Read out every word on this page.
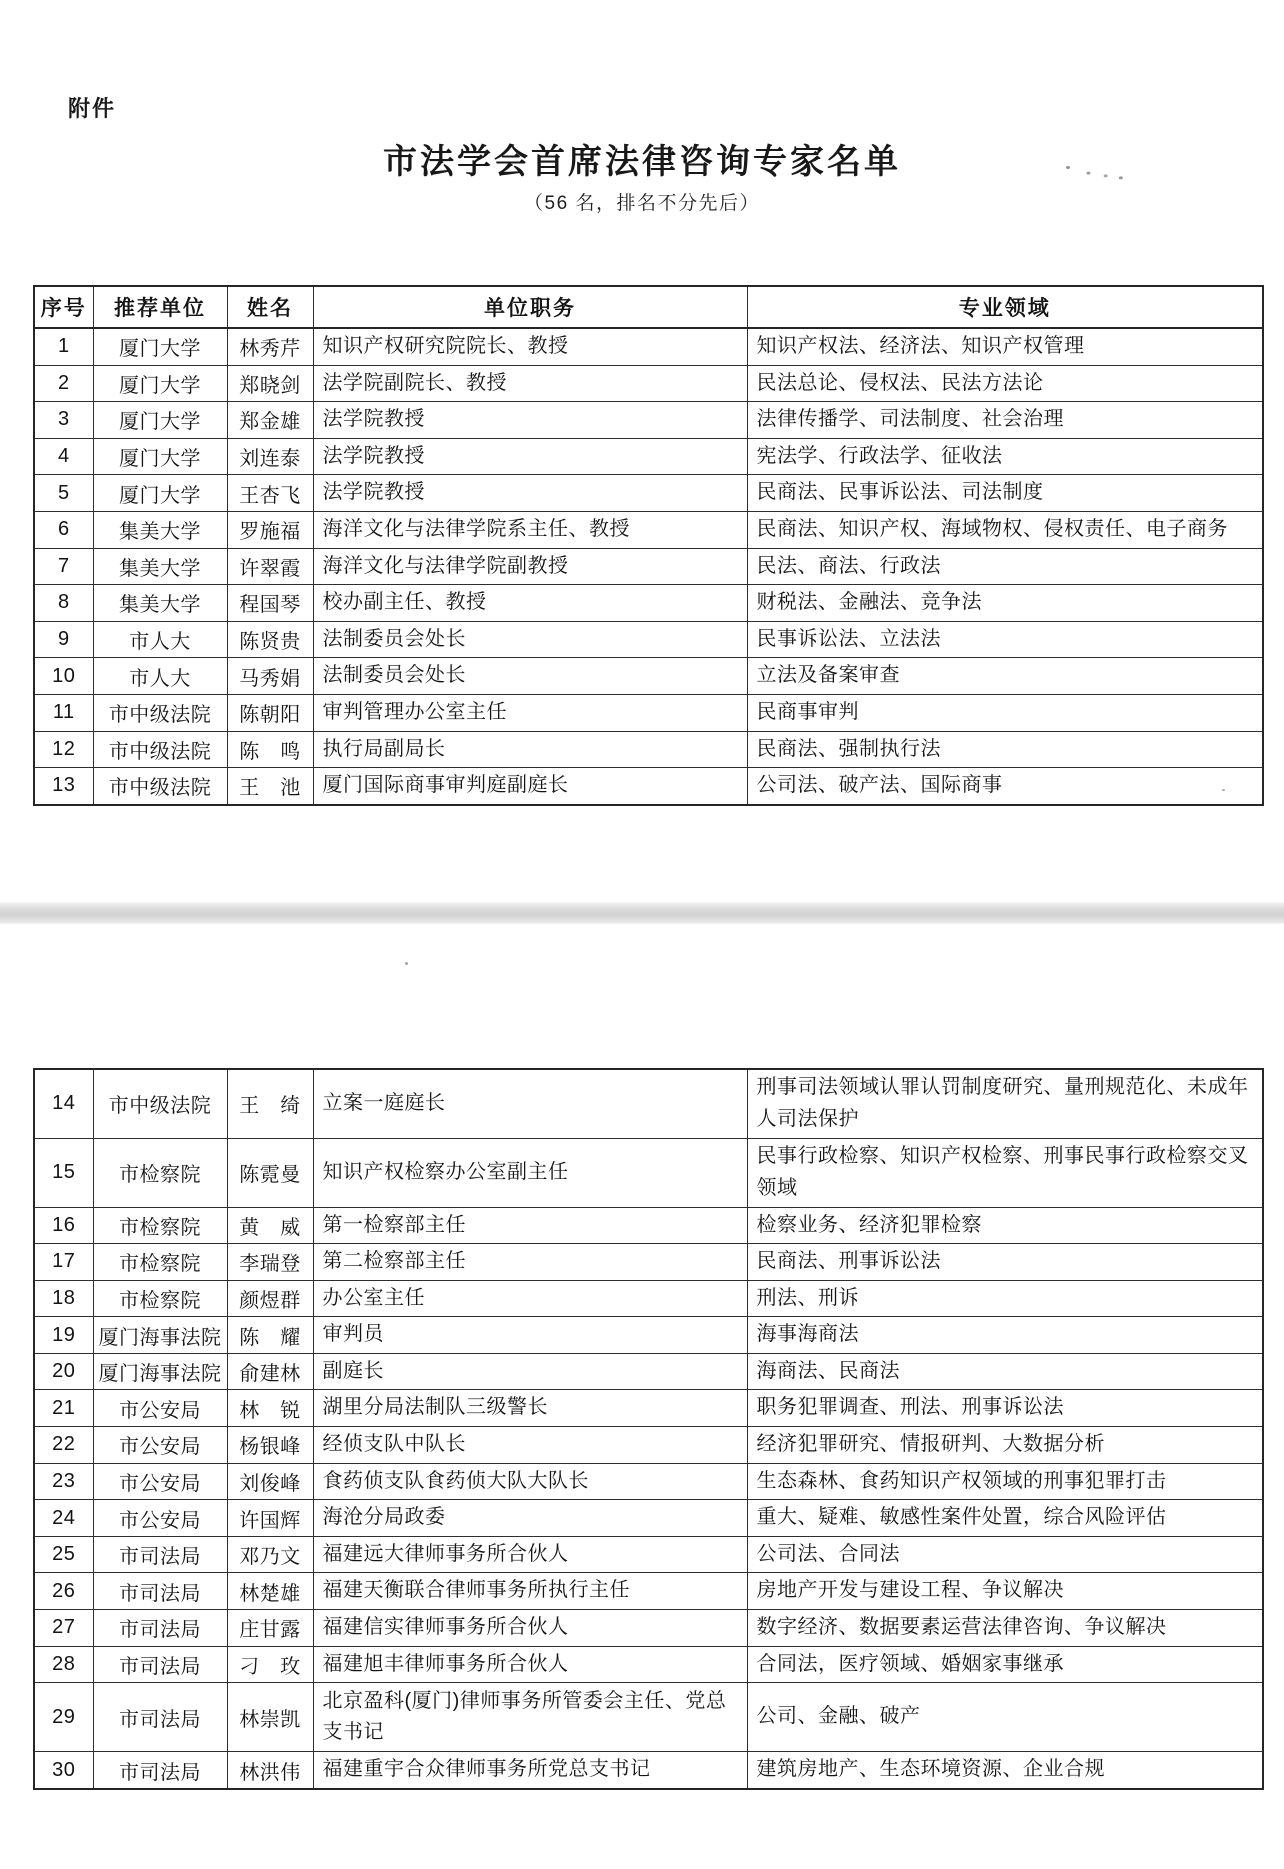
附件
市法学会首席法律咨询专家名单
（56 名，排名不分先后）
序号	推荐单位	姓名	单位职务	专业领域
1	厦门大学	林秀芹	知识产权研究院院长、教授	知识产权法、经济法、知识产权管理
2	厦门大学	郑晓剑	法学院副院长、教授	民法总论、侵权法、民法方法论
3	厦门大学	郑金雄	法学院教授	法律传播学、司法制度、社会治理
4	厦门大学	刘连泰	法学院教授	宪法学、行政法学、征收法
5	厦门大学	王杏飞	法学院教授	民商法、民事诉讼法、司法制度
6	集美大学	罗施福	海洋文化与法律学院系主任、教授	民商法、知识产权、海域物权、侵权责任、电子商务
7	集美大学	许翠霞	海洋文化与法律学院副教授	民法、商法、行政法
8	集美大学	程国琴	校办副主任、教授	财税法、金融法、竞争法
9	市人大	陈贤贵	法制委员会处长	民事诉讼法、立法法
10	市人大	马秀娟	法制委员会处长	立法及备案审查
11	市中级法院	陈朝阳	审判管理办公室主任	民商事审判
12	市中级法院	陈　鸣	执行局副局长	民商法、强制执行法
13	市中级法院	王　池	厦门国际商事审判庭副庭长	公司法、破产法、国际商事
14	市中级法院	王　绮	立案一庭庭长	刑事司法领域认罪认罚制度研究、量刑规范化、未成年人司法保护
15	市检察院	陈霓曼	知识产权检察办公室副主任	民事行政检察、知识产权检察、刑事民事行政检察交叉领域
16	市检察院	黄　威	第一检察部主任	检察业务、经济犯罪检察
17	市检察院	李瑞登	第二检察部主任	民商法、刑事诉讼法
18	市检察院	颜煜群	办公室主任	刑法、刑诉
19	厦门海事法院	陈　耀	审判员	海事海商法
20	厦门海事法院	俞建林	副庭长	海商法、民商法
21	市公安局	林　锐	湖里分局法制队三级警长	职务犯罪调查、刑法、刑事诉讼法
22	市公安局	杨银峰	经侦支队中队长	经济犯罪研究、情报研判、大数据分析
23	市公安局	刘俊峰	食药侦支队食药侦大队大队长	生态森林、食药知识产权领域的刑事犯罪打击
24	市公安局	许国辉	海沧分局政委	重大、疑难、敏感性案件处置，综合风险评估
25	市司法局	邓乃文	福建远大律师事务所合伙人	公司法、合同法
26	市司法局	林楚雄	福建天衡联合律师事务所执行主任	房地产开发与建设工程、争议解决
27	市司法局	庄甘露	福建信实律师事务所合伙人	数字经济、数据要素运营法律咨询、争议解决
28	市司法局	刁　玫	福建旭丰律师事务所合伙人	合同法，医疗领域、婚姻家事继承
29	市司法局	林崇凯	北京盈科(厦门)律师事务所管委会主任、党总支书记	公司、金融、破产
30	市司法局	林洪伟	福建重宇合众律师事务所党总支书记	建筑房地产、生态环境资源、企业合规
